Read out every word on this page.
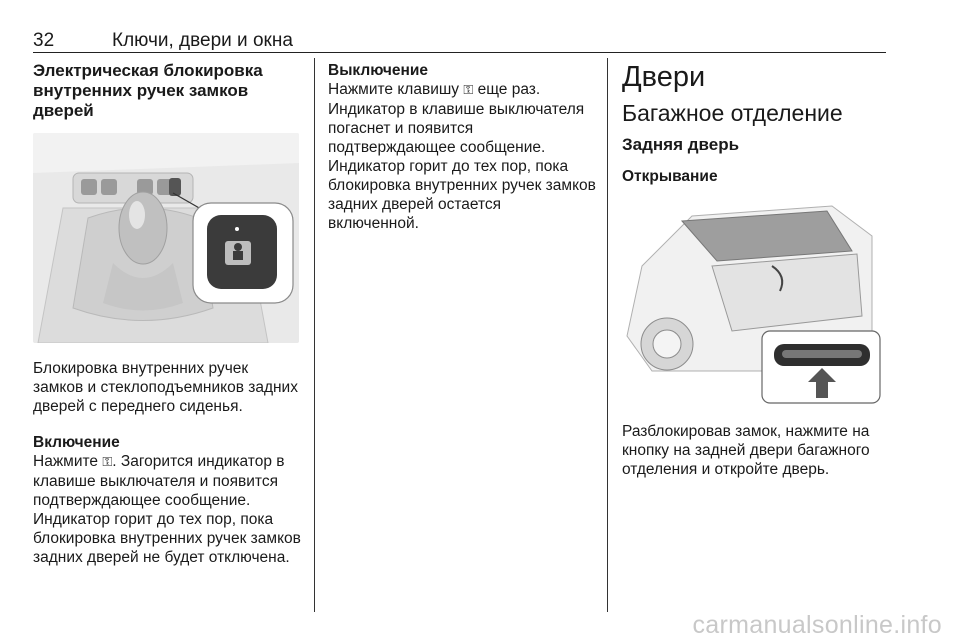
32	Ключи, двери и окна

Электрическая блокировка внутренних ручек замков дверей

Блокировка внутренних ручек замков и стеклоподъемников задних дверей с переднего сиденья.

Включение

Нажмите ⚿. Загорится индикатор в клавише выключателя и появится подтверждающее сообщение. Индикатор горит до тех пор, пока блокировка внутренних ручек замков задних дверей не будет отключена.

Выключение

Нажмите клавишу ⚿ еще раз. Индикатор в клавише выключателя погаснет и появится подтверждающее сообщение. Индикатор горит до тех пор, пока блокировка внутренних ручек замков задних дверей остается включенной.

Двери

Багажное отделение

Задняя дверь

Открывание

Разблокировав замок, нажмите на кнопку на задней двери багажного отделения и откройте дверь.

carmanualsonline.info
